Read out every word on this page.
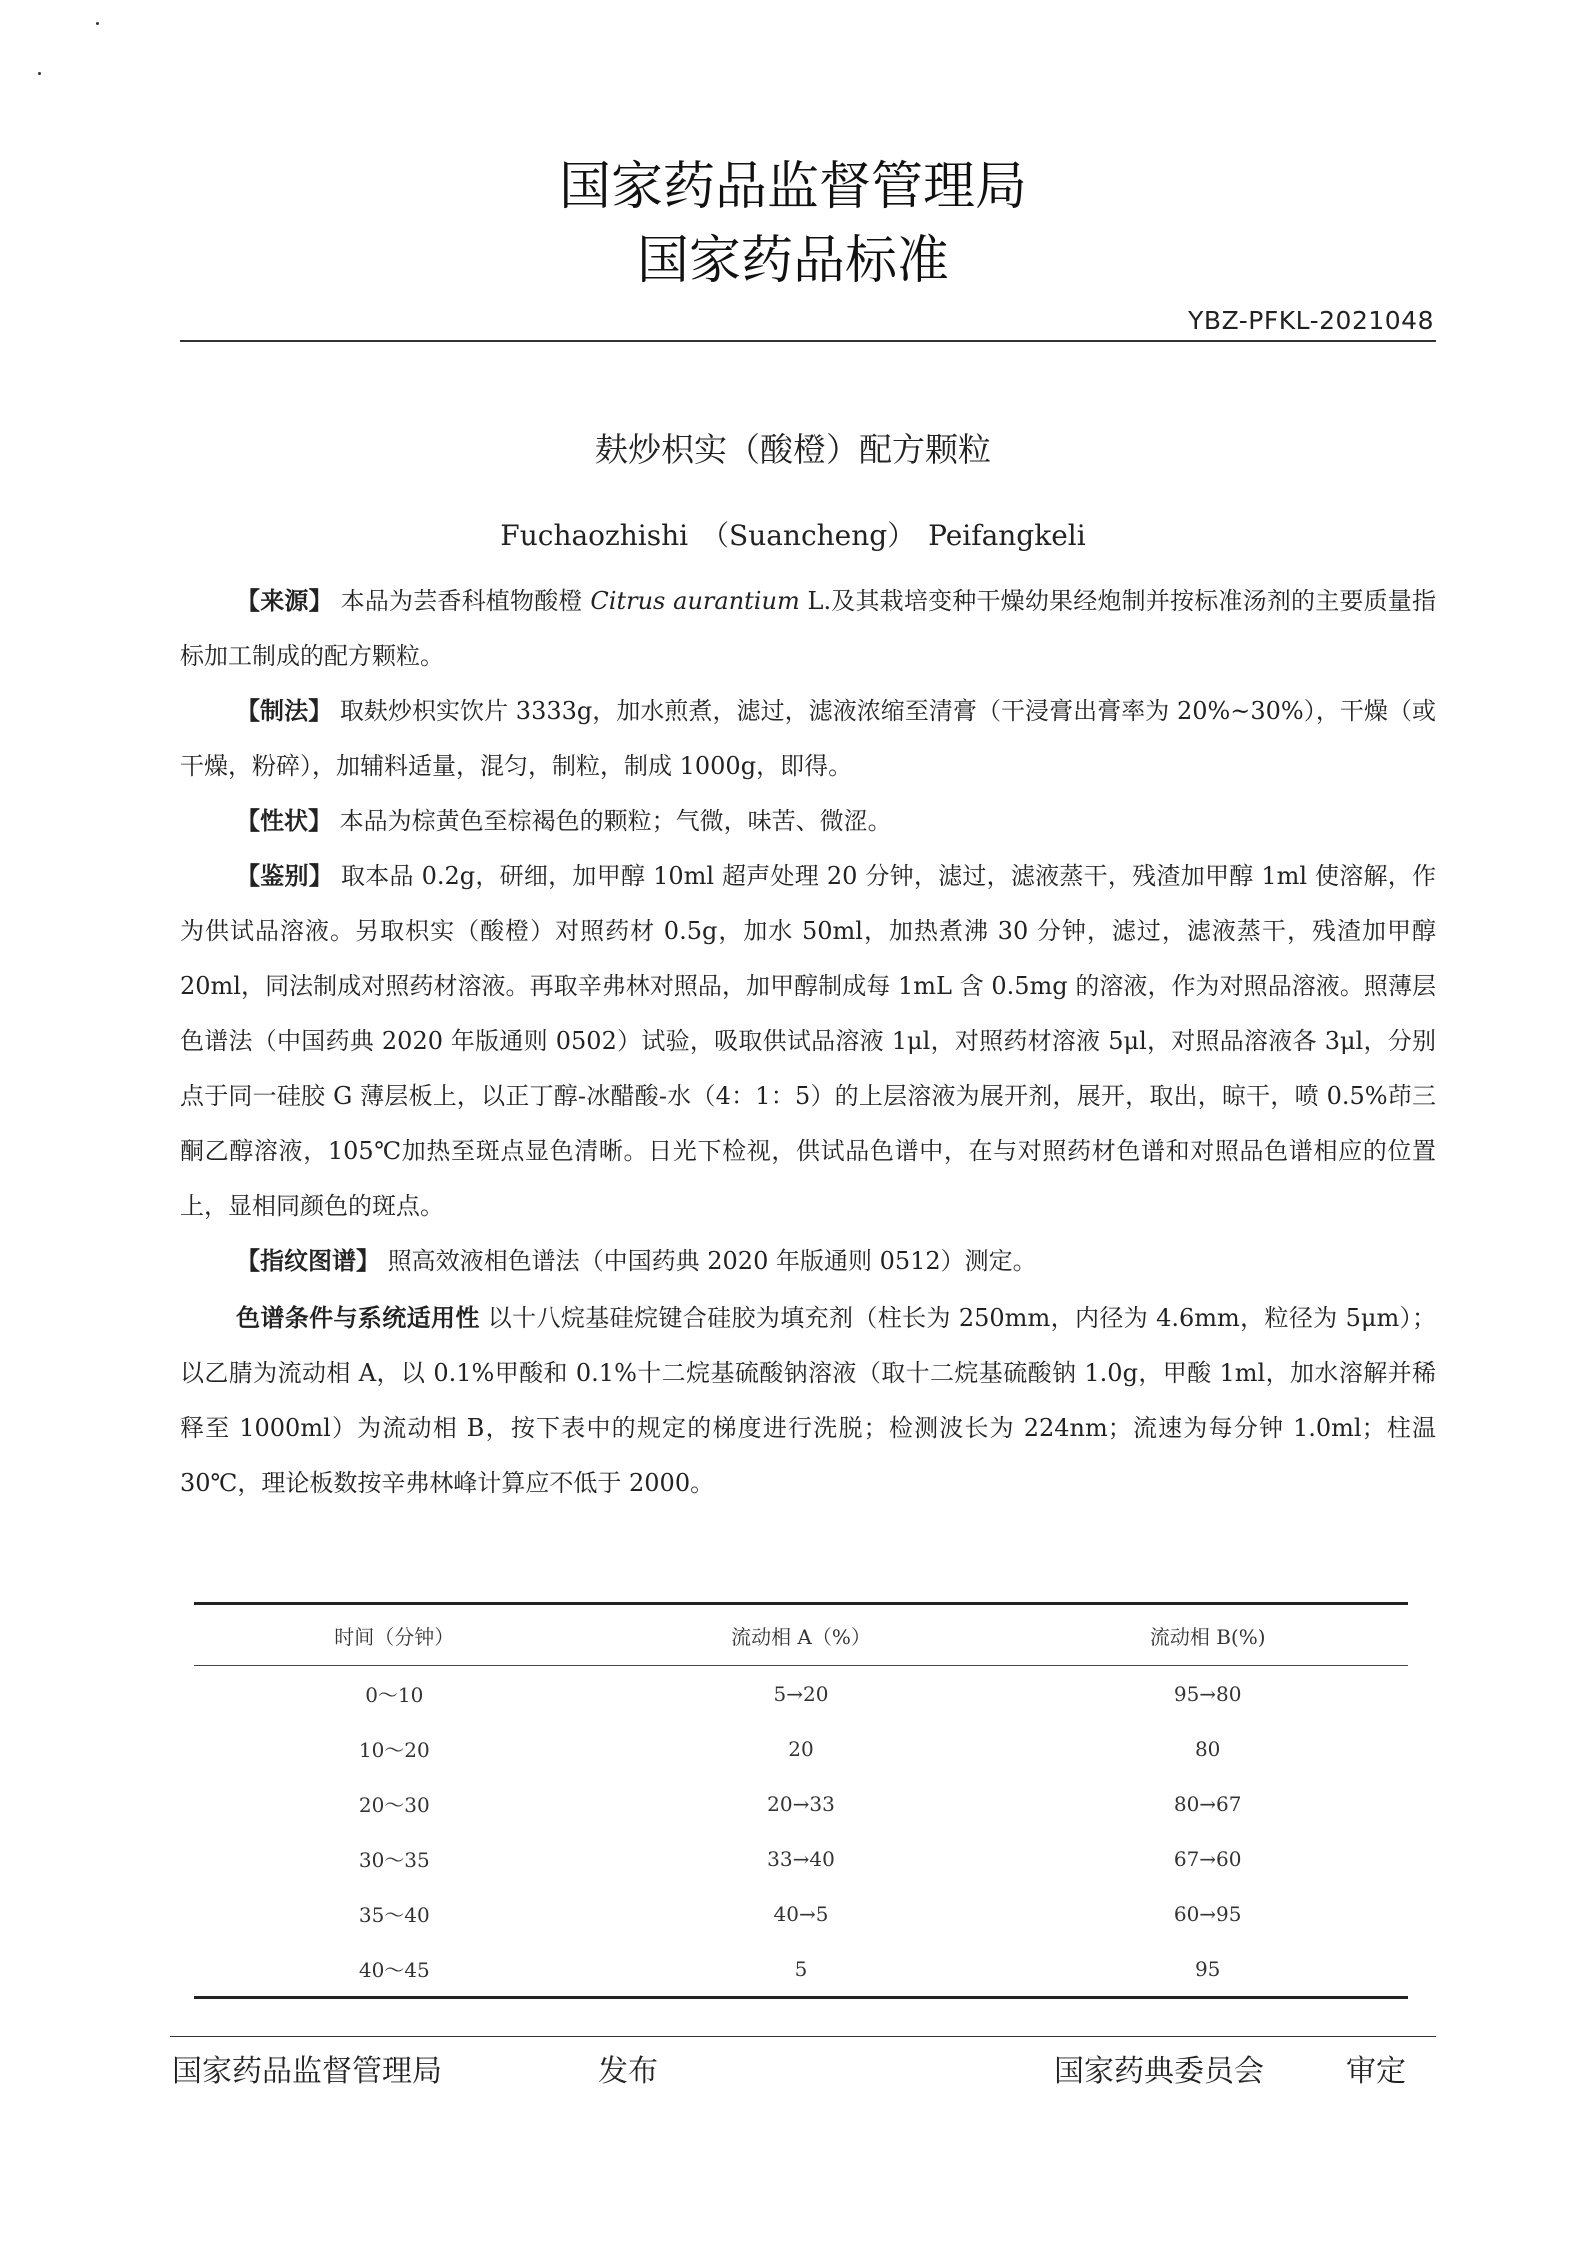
国家药品监督管理局
国家药品标准
YBZ-PFKL-2021048
麸炒枳实（酸橙）配方颗粒
Fuchaozhishi （Suancheng） Peifangkeli

【来源】 本品为芸香科植物酸橙 Citrus aurantium L.及其栽培变种干燥幼果经炮制并按标准汤剂的主要质量指标加工制成的配方颗粒。

【制法】 取麸炒枳实饮片 3333g，加水煎煮，滤过，滤液浓缩至清膏（干浸膏出膏率为 20%~30%），干燥（或干燥，粉碎），加辅料适量，混匀，制粒，制成 1000g，即得。

【性状】 本品为棕黄色至棕褐色的颗粒；气微，味苦、微涩。

【鉴别】 取本品 0.2g，研细，加甲醇 10ml 超声处理 20 分钟，滤过，滤液蒸干，残渣加甲醇 1ml 使溶解，作为供试品溶液。另取枳实（酸橙）对照药材 0.5g，加水 50ml，加热煮沸 30 分钟，滤过，滤液蒸干，残渣加甲醇 20ml，同法制成对照药材溶液。再取辛弗林对照品，加甲醇制成每 1mL 含 0.5mg 的溶液，作为对照品溶液。照薄层色谱法（中国药典 2020 年版通则 0502）试验，吸取供试品溶液 1μl，对照药材溶液 5μl，对照品溶液各 3μl，分别点于同一硅胶 G 薄层板上，以正丁醇-冰醋酸-水（4：1：5）的上层溶液为展开剂，展开，取出，晾干，喷 0.5%茚三酮乙醇溶液，105℃加热至斑点显色清晰。日光下检视，供试品色谱中，在与对照药材色谱和对照品色谱相应的位置上，显相同颜色的斑点。

【指纹图谱】 照高效液相色谱法（中国药典 2020 年版通则 0512）测定。

色谱条件与系统适用性 以十八烷基硅烷键合硅胶为填充剂（柱长为 250mm，内径为 4.6mm，粒径为 5μm）；以乙腈为流动相 A，以 0.1%甲酸和 0.1%十二烷基硫酸钠溶液（取十二烷基硫酸钠 1.0g，甲酸 1ml，加水溶解并稀释至 1000ml）为流动相 B，按下表中的规定的梯度进行洗脱；检测波长为 224nm；流速为每分钟 1.0ml；柱温 30℃，理论板数按辛弗林峰计算应不低于 2000。

时间（分钟）	流动相 A（%）	流动相 B(%)
0～10	5→20	95→80
10～20	20	80
20～30	20→33	80→67
30～35	33→40	67→60
35～40	40→5	60→95
40～45	5	95
国家药品监督管理局	发布	国家药典委员会	审定
